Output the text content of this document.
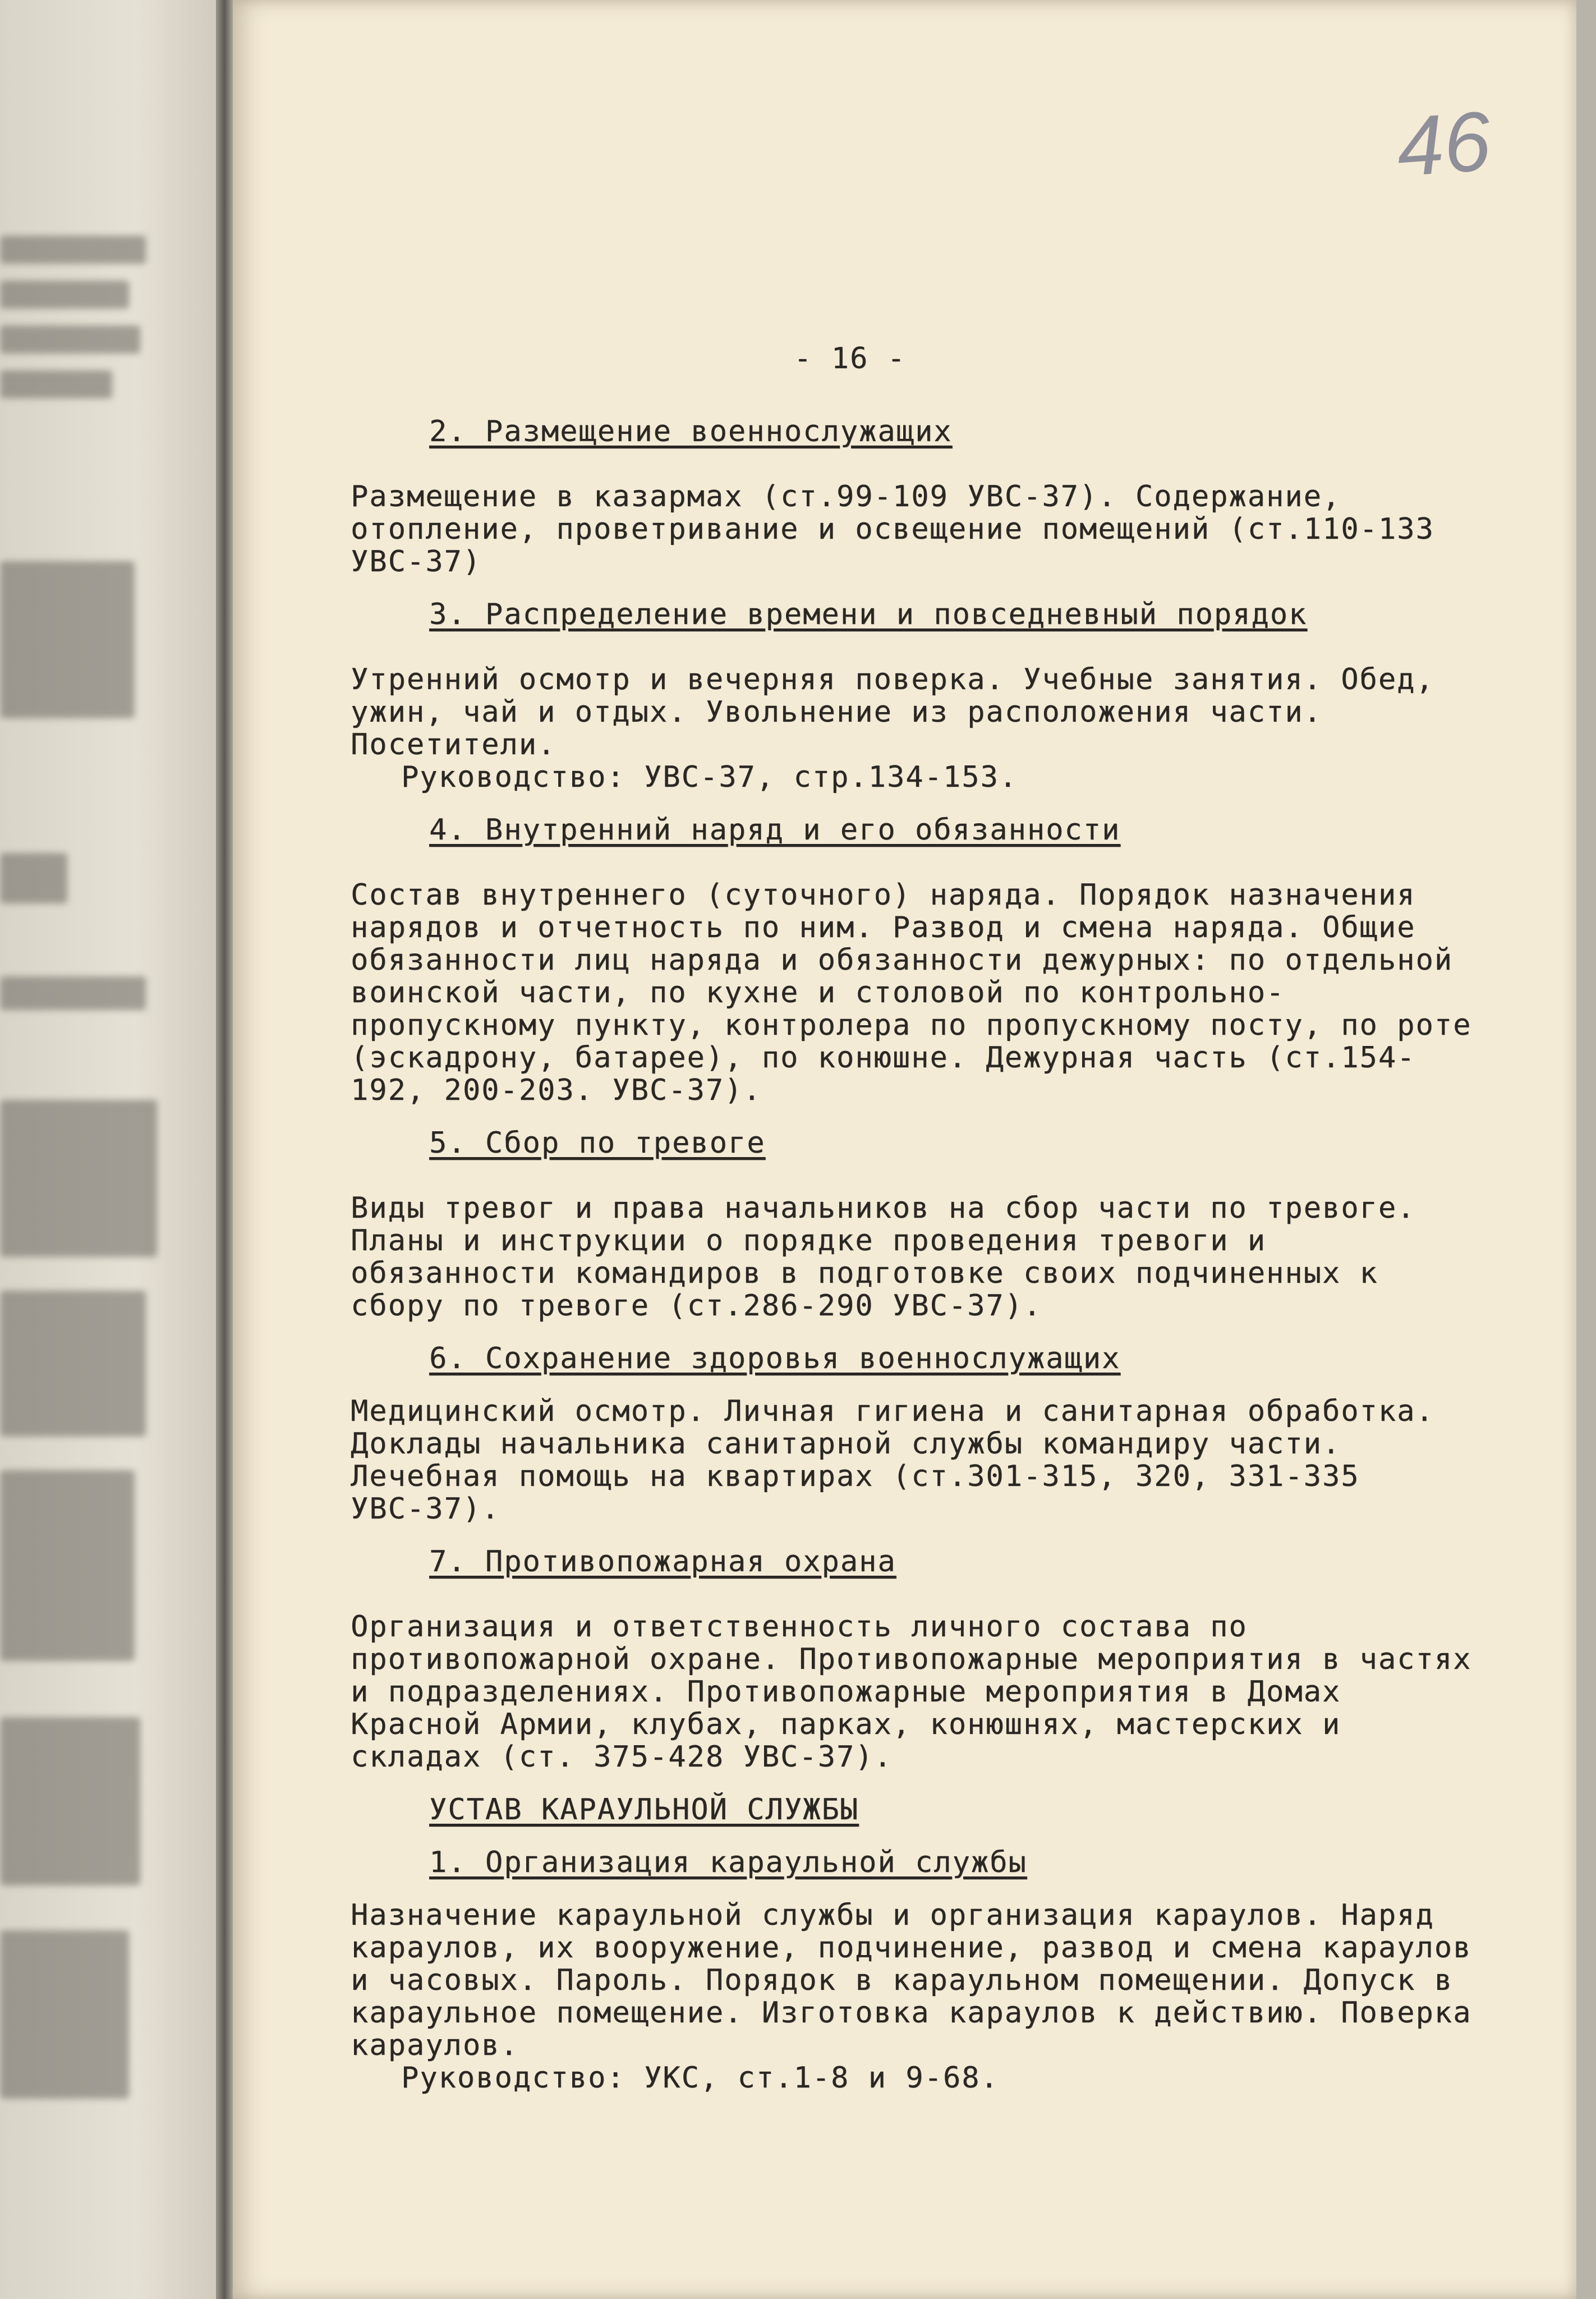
46
- 16 -

2. Размещение военнослужащих

Размещение в казармах (ст.99-109 УВС-37). Содержание, отопление, проветривание и освещение помещений (ст.110-133 УВС-37)

3. Распределение времени и повседневный порядок

Утренний осмотр и вечерняя поверка. Учебные занятия. Обед, ужин, чай и отдых. Увольнение из расположения части. Посетители.

Руководство: УВС-37, стр.134-153.

4. Внутренний наряд и его обязанности

Состав внутреннего (суточного) наряда. Порядок назначения нарядов и отчетность по ним. Развод и смена наряда. Общие обязанности лиц наряда и обязанности дежурных: по отдельной воинской части, по кухне и столовой по контрольно-пропускному пункту, контролера по пропускному посту, по роте (эскадрону, батарее), по конюшне. Дежурная часть (ст.154-192, 200-203. УВС-37).

5. Сбор по тревоге

Виды тревог и права начальников на сбор части по тревоге. Планы и инструкции о порядке проведения тревоги и обязанности командиров в подготовке своих подчиненных к сбору по тревоге (ст.286-290 УВС-37).

6. Сохранение здоровья военнослужащих

Медицинский осмотр. Личная гигиена и санитарная обработка. Доклады начальника санитарной службы командиру части. Лечебная помощь на квартирах (ст.301-315, 320, 331-335 УВС-37).

7. Противопожарная охрана

Организация и ответственность личного состава по противопожарной охране. Противопожарные мероприятия в частях и подразделениях. Противопожарные мероприятия в Домах Красной Армии, клубах, парках, конюшнях, мастерских и складах (ст. 375-428 УВС-37).

УСТАВ КАРАУЛЬНОЙ СЛУЖБЫ

1. Организация караульной службы

Назначение караульной службы и организация караулов. Наряд караулов, их вооружение, подчинение, развод и смена караулов и часовых. Пароль. Порядок в караульном помещении. Допуск в караульное помещение. Изготовка караулов к действию. Поверка караулов.

Руководство: УКС, ст.1-8 и 9-68.
